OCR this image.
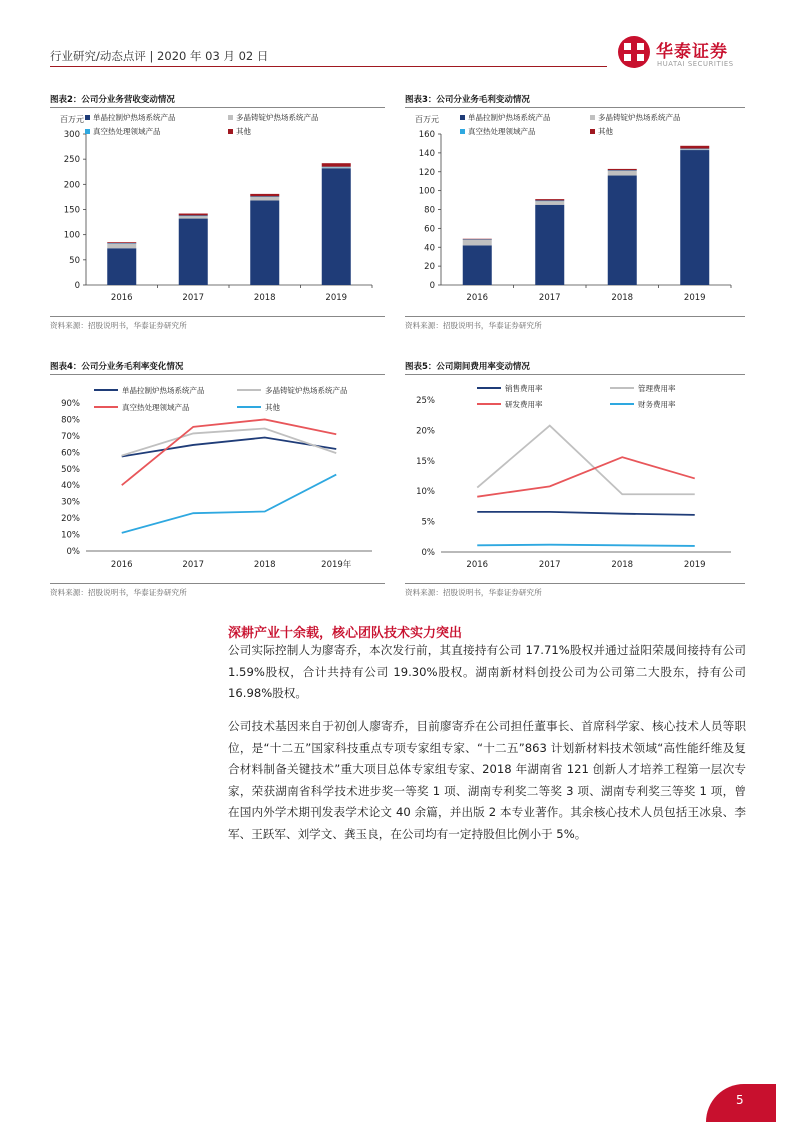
行业研究/动态点评 | 2020 年 03 月 02 日	华泰证券
HUATAI SECURITIES
图表2：公司分业务营收变动情况
0
50
100
150
200
250
300
百万元
2016	2017	2018	2019
单晶拉制炉热场系统产品	多晶铸锭炉热场系统产品
真空热处理领域产品	其他
资料来源：招股说明书，华泰证券研究所
图表3：公司分业务毛利变动情况
0
20
40
60
80
100
120
140
160
百万元
2016	2017	2018	2019
单晶拉制炉热场系统产品	多晶铸锭炉热场系统产品
真空热处理领域产品	其他
资料来源：招股说明书，华泰证券研究所
图表4：公司分业务毛利率变化情况
0%
10%
20%
30%
40%
50%
60%
70%
80%
90%
2016	2017	2018	2019年
单晶拉制炉热场系统产品	多晶铸锭炉热场系统产品
真空热处理领域产品	其他
资料来源：招股说明书，华泰证券研究所
图表5：公司期间费用率变动情况
0%
5%
10%
15%
20%
25%
2016	2017	2018	2019
销售费用率	管理费用率
研发费用率	财务费用率
资料来源：招股说明书，华泰证券研究所
深耕产业十余载，核心团队技术实力突出
公司实际控制人为廖寄乔，本次发行前，其直接持有公司 17.71%股权并通过益阳荣晟间接持有公司 1.59%股权，合计共持有公司 19.30%股权。湖南新材料创投公司为公司第二大股东，持有公司 16.98%股权。
公司技术基因来自于初创人廖寄乔，目前廖寄乔在公司担任董事长、首席科学家、核心技术人员等职位，是“十二五”国家科技重点专项专家组专家、“十二五”863 计划新材料技术领域“高性能纤维及复合材料制备关键技术”重大项目总体专家组专家、2018 年湖南省 121 创新人才培养工程第一层次专家，荣获湖南省科学技术进步奖一等奖 1 项、湖南专利奖二等奖 3 项、湖南专利奖三等奖 1 项，曾在国内外学术期刊发表学术论文 40 余篇，并出版 2 本专业著作。其余核心技术人员包括王冰泉、李军、王跃军、刘学文、龚玉良，在公司均有一定持股但比例小于 5%。
5
